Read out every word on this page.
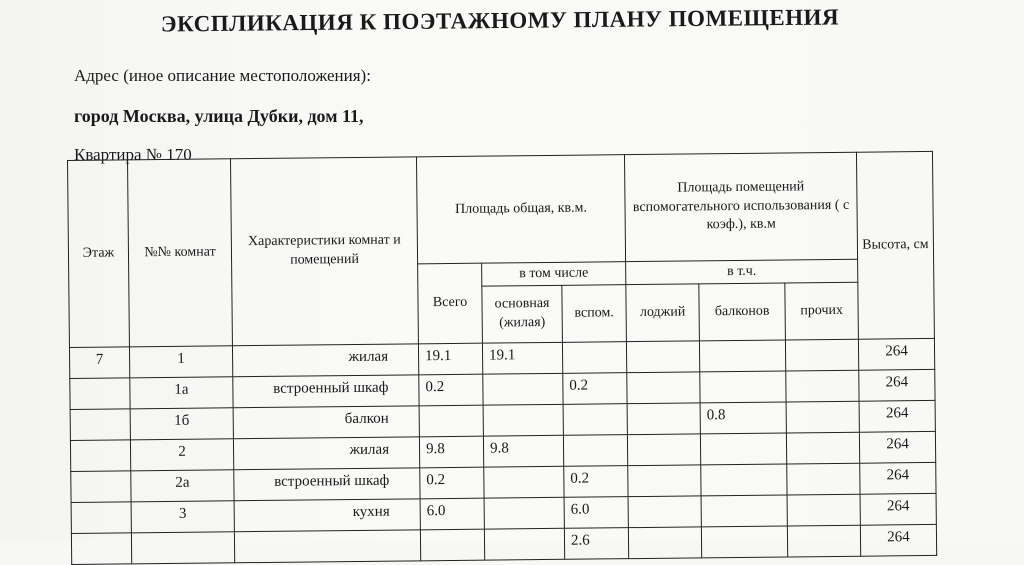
ЭКСПЛИКАЦИЯ К ПОЭТАЖНОМУ ПЛАНУ ПОМЕЩЕНИЯ
Адрес (иное описание местоположения):
город Москва, улица Дубки, дом 11,
Квартира № 170
Этаж	№№ комнат	Характеристики комнат и помещений	Площадь общая, кв.м.			Площадь помещений вспомогательного использования ( с коэф.), кв.м			Высота, см
			Всего	в том числе		в т.ч.			
				основная (жилая)	вспом.	лоджий	балконов	прочих	
7	1	жилая	19.1	19.1					264
	1а	встроенный шкаф	0.2		0.2				264
	1б	балкон					0.8		264
	2	жилая	9.8	9.8					264
	2а	встроенный шкаф	0.2		0.2				264
	3	кухня	6.0		6.0				264
					2.6				264
